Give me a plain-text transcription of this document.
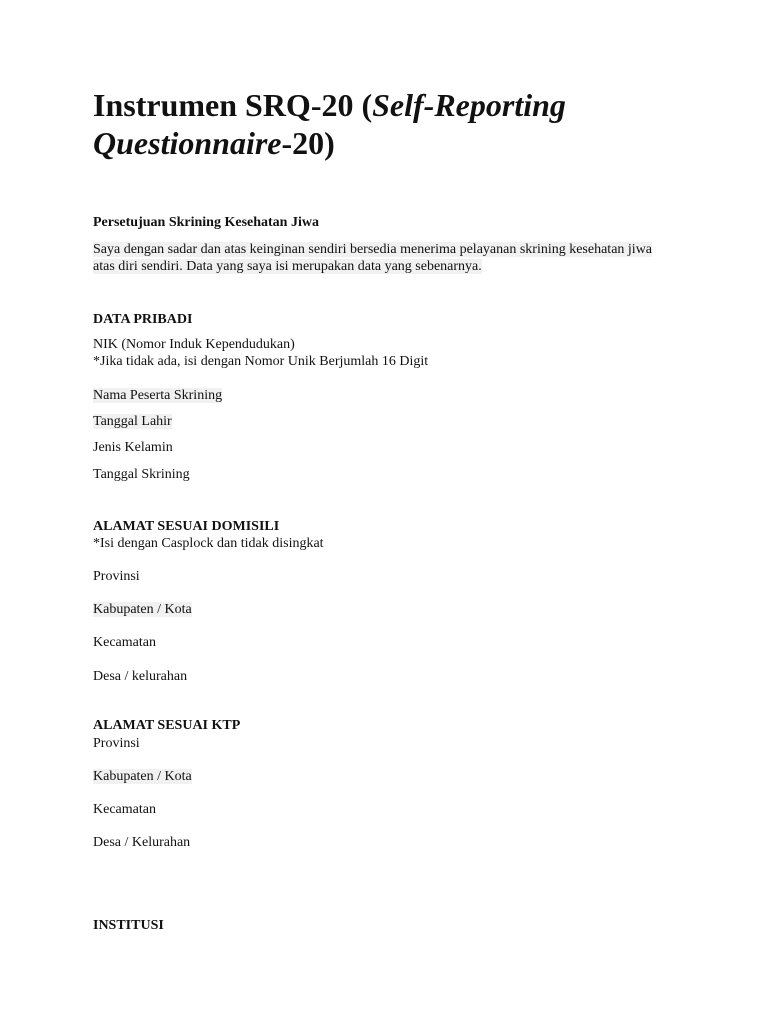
Instrumen SRQ-20 (Self-Reporting Questionnaire-20)

Persetujuan Skrining Kesehatan Jiwa

Saya dengan sadar dan atas keinginan sendiri bersedia menerima pelayanan skrining kesehatan jiwa

atas diri sendiri. Data yang saya isi merupakan data yang sebenarnya.

DATA PRIBADI

NIK (Nomor Induk Kependudukan)

*Jika tidak ada, isi dengan Nomor Unik Berjumlah 16 Digit

Nama Peserta Skrining

Tanggal Lahir

Jenis Kelamin

Tanggal Skrining

ALAMAT SESUAI DOMISILI

*Isi dengan Casplock dan tidak disingkat

Provinsi

Kabupaten / Kota

Kecamatan

Desa / kelurahan

ALAMAT SESUAI KTP

Provinsi

Kabupaten / Kota

Kecamatan

Desa / Kelurahan

INSTITUSI
